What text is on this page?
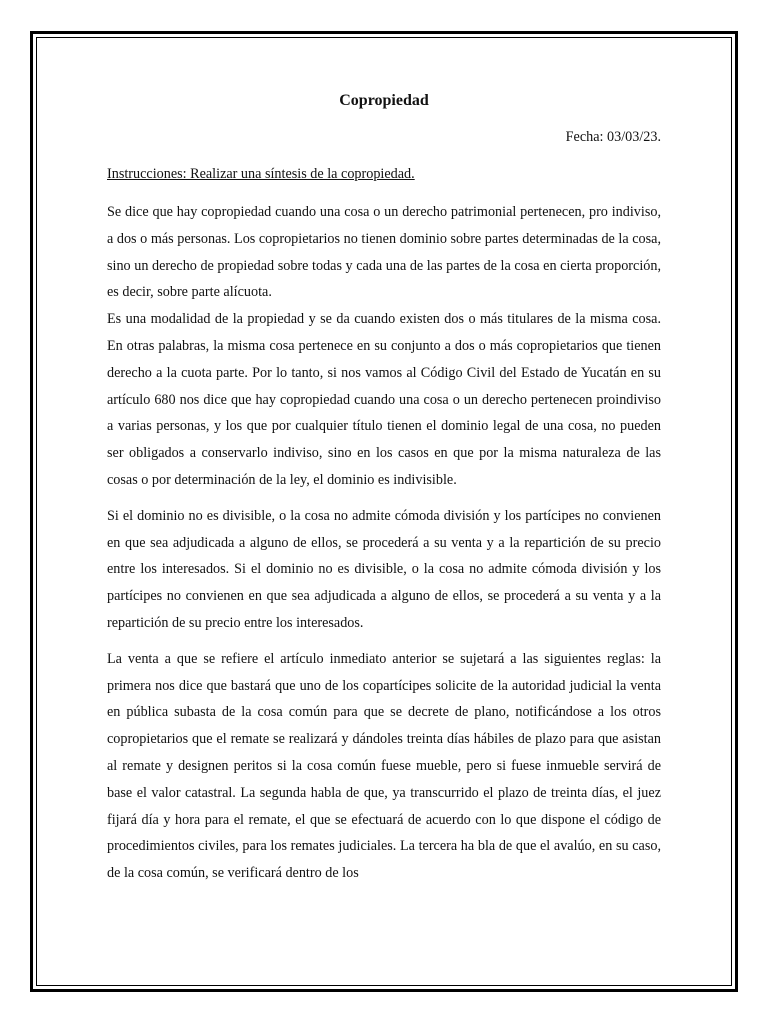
Copropiedad

Fecha: 03/03/23.

Instrucciones: Realizar una síntesis de la copropiedad.

Se dice que hay copropiedad cuando una cosa o un derecho patrimonial pertenecen, pro indiviso, a dos o más personas. Los copropietarios no tienen dominio sobre partes determinadas de la cosa, sino un derecho de propiedad sobre todas y cada una de las partes de la cosa en cierta proporción, es decir, sobre parte alícuota.

Es una modalidad de la propiedad y se da cuando existen dos o más titulares de la misma cosa. En otras palabras, la misma cosa pertenece en su conjunto a dos o más copropietarios que tienen derecho a la cuota parte. Por lo tanto, si nos vamos al Código Civil del Estado de Yucatán en su artículo 680 nos dice que hay copropiedad cuando una cosa o un derecho pertenecen proindiviso a varias personas, y los que por cualquier título tienen el dominio legal de una cosa, no pueden ser obligados a conservarlo indiviso, sino en los casos en que por la misma naturaleza de las cosas o por determinación de la ley, el dominio es indivisible.

Si el dominio no es divisible, o la cosa no admite cómoda división y los partícipes no convienen en que sea adjudicada a alguno de ellos, se procederá a su venta y a la repartición de su precio entre los interesados. Si el dominio no es divisible, o la cosa no admite cómoda división y los partícipes no convienen en que sea adjudicada a alguno de ellos, se procederá a su venta y a la repartición de su precio entre los interesados.

La venta a que se refiere el artículo inmediato anterior se sujetará a las siguientes reglas: la primera nos dice que bastará que uno de los copartícipes solicite de la autoridad judicial la venta en pública subasta de la cosa común para que se decrete de plano, notificándose a los otros copropietarios que el remate se realizará y dándoles treinta días hábiles de plazo para que asistan al remate y designen peritos si la cosa común fuese mueble, pero si fuese inmueble servirá de base el valor catastral. La segunda habla de que, ya transcurrido el plazo de treinta días, el juez fijará día y hora para el remate, el que se efectuará de acuerdo con lo que dispone el código de procedimientos civiles, para los remates judiciales. La tercera ha bla de que el avalúo, en su caso, de la cosa común, se verificará dentro de los
